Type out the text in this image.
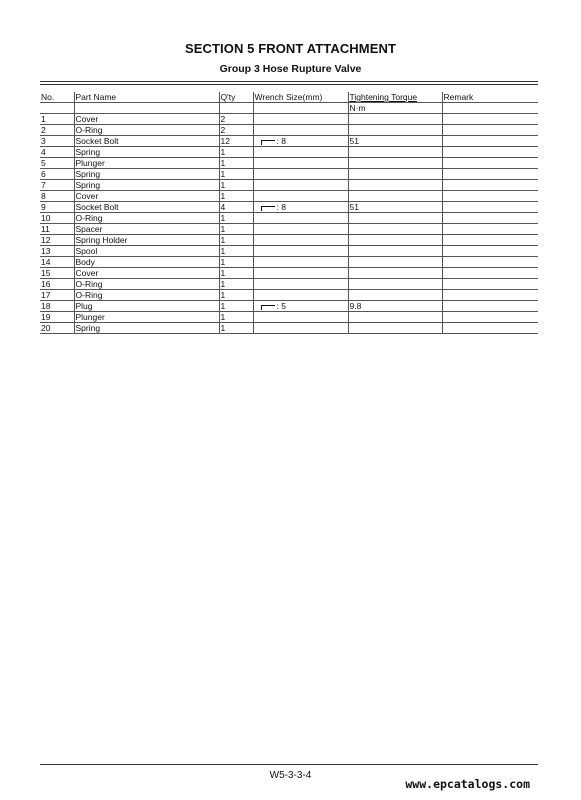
SECTION 5 FRONT ATTACHMENT
Group 3 Hose Rupture Valve
No.	Part Name	Q'ty	Wrench Size(mm)	Tightening Torque	Remark
				N·m	
1	Cover	2			
2	O-Ring	2			
3	Socket Bolt	12	: 8	51	
4	Spring	1			
5	Plunger	1			
6	Spring	1			
7	Spring	1			
8	Cover	1			
9	Socket Bolt	4	: 8	51	
10	O-Ring	1			
11	Spacer	1			
12	Spring Holder	1			
13	Spool	1			
14	Body	1			
15	Cover	1			
16	O-Ring	1			
17	O-Ring	1			
18	Plug	1	: 5	9.8	
19	Plunger	1			
20	Spring	1			
W5-3-3-4
www.epcatalogs.com
